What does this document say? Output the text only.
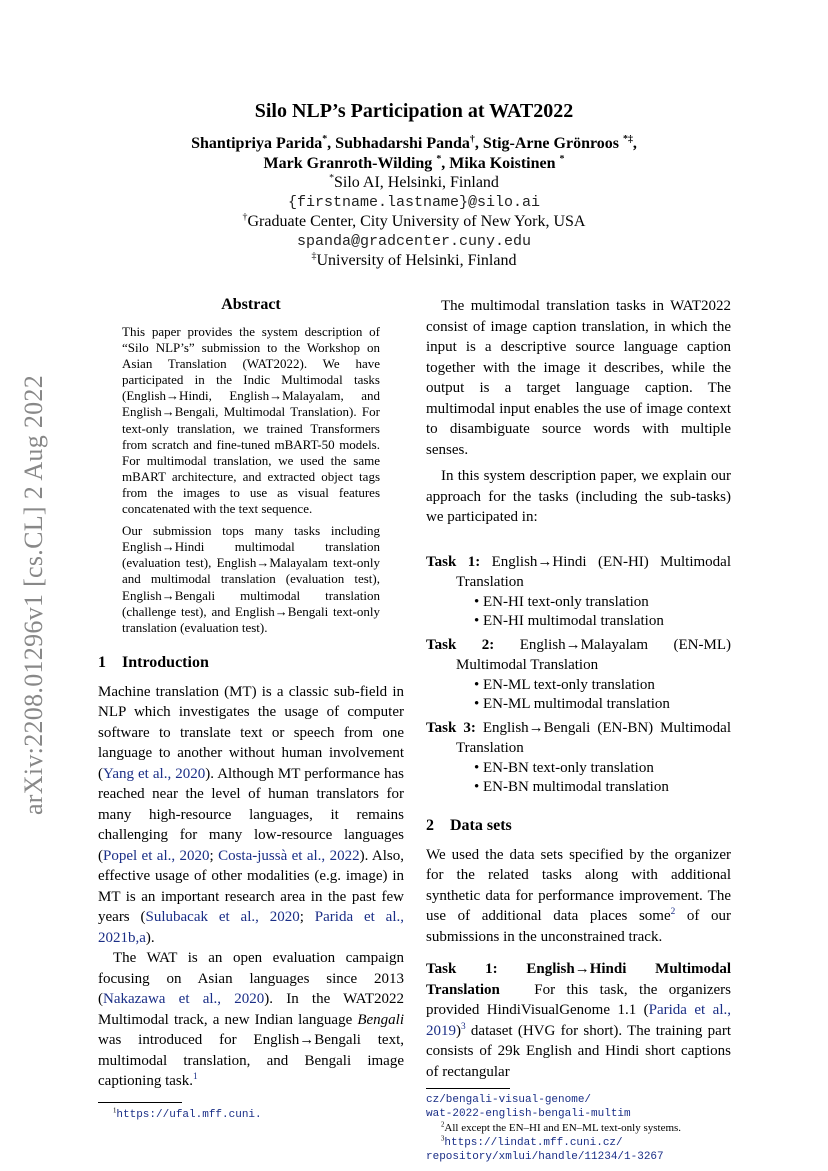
arXiv:2208.01296v1 [cs.CL] 2 Aug 2022
Silo NLP’s Participation at WAT2022
Shantipriya Parida*, Subhadarshi Panda†, Stig-Arne Grönroos *‡,
Mark Granroth-Wilding *, Mika Koistinen *
*Silo AI, Helsinki, Finland
{firstname.lastname}@silo.ai
†Graduate Center, City University of New York, USA
spanda@gradcenter.cuny.edu
‡University of Helsinki, Finland
Abstract

This paper provides the system description of “Silo NLP’s” submission to the Workshop on Asian Translation (WAT2022). We have participated in the Indic Multimodal tasks (English→Hindi, English→Malayalam, and English→Bengali, Multimodal Translation). For text-only translation, we trained Transformers from scratch and fine-tuned mBART-50 models. For multimodal translation, we used the same mBART architecture, and extracted object tags from the images to use as visual features concatenated with the text sequence.

Our submission tops many tasks including English→Hindi multimodal translation (evaluation test), English→Malayalam text-only and multimodal translation (evaluation test), English→Bengali multimodal translation (challenge test), and English→Bengali text-only translation (evaluation test).

1 Introduction

Machine translation (MT) is a classic sub-field in NLP which investigates the usage of computer software to translate text or speech from one language to another without human involvement (Yang et al., 2020). Although MT performance has reached near the level of human translators for many high-resource languages, it remains challenging for many low-resource languages (Popel et al., 2020; Costa-jussà et al., 2022). Also, effective usage of other modalities (e.g. image) in MT is an important research area in the past few years (Sulubacak et al., 2020; Parida et al., 2021b,a).

The WAT is an open evaluation campaign focusing on Asian languages since 2013 (Nakazawa et al., 2020). In the WAT2022 Multimodal track, a new Indian language Bengali was introduced for English→Bengali text, multimodal translation, and Bengali image captioning task.$^1$

$^1$https://ufal.mff.cuni.

The multimodal translation tasks in WAT2022 consist of image caption translation, in which the input is a descriptive source language caption together with the image it describes, while the output is a target language caption. The multimodal input enables the use of image context to disambiguate source words with multiple senses.

In this system description paper, we explain our approach for the tasks (including the sub-tasks) we participated in:

Task 1: English→Hindi (EN-HI) Multimodal Translation
• EN-HI text-only translation
• EN-HI multimodal translation
Task 2: English→Malayalam (EN-ML) Multimodal Translation
• EN-ML text-only translation
• EN-ML multimodal translation
Task 3: English→Bengali (EN-BN) Multimodal Translation
• EN-BN text-only translation
• EN-BN multimodal translation
2 Data sets

We used the data sets specified by the organizer for the related tasks along with additional synthetic data for performance improvement. The use of additional data places some$^2$ of our submissions in the unconstrained track.

Task 1: English→Hindi Multimodal Translation For this task, the organizers provided HindiVisualGenome 1.1 (Parida et al., 2019)$^3$ dataset (HVG for short). The training part consists of 29k English and Hindi short captions of rectangular

cz/bengali-visual-genome/
wat-2022-english-bengali-multim
$^2$All except the EN–HI and EN–ML text-only systems.
$^3$https://lindat.mff.cuni.cz/
repository/xmlui/handle/11234/1-3267
